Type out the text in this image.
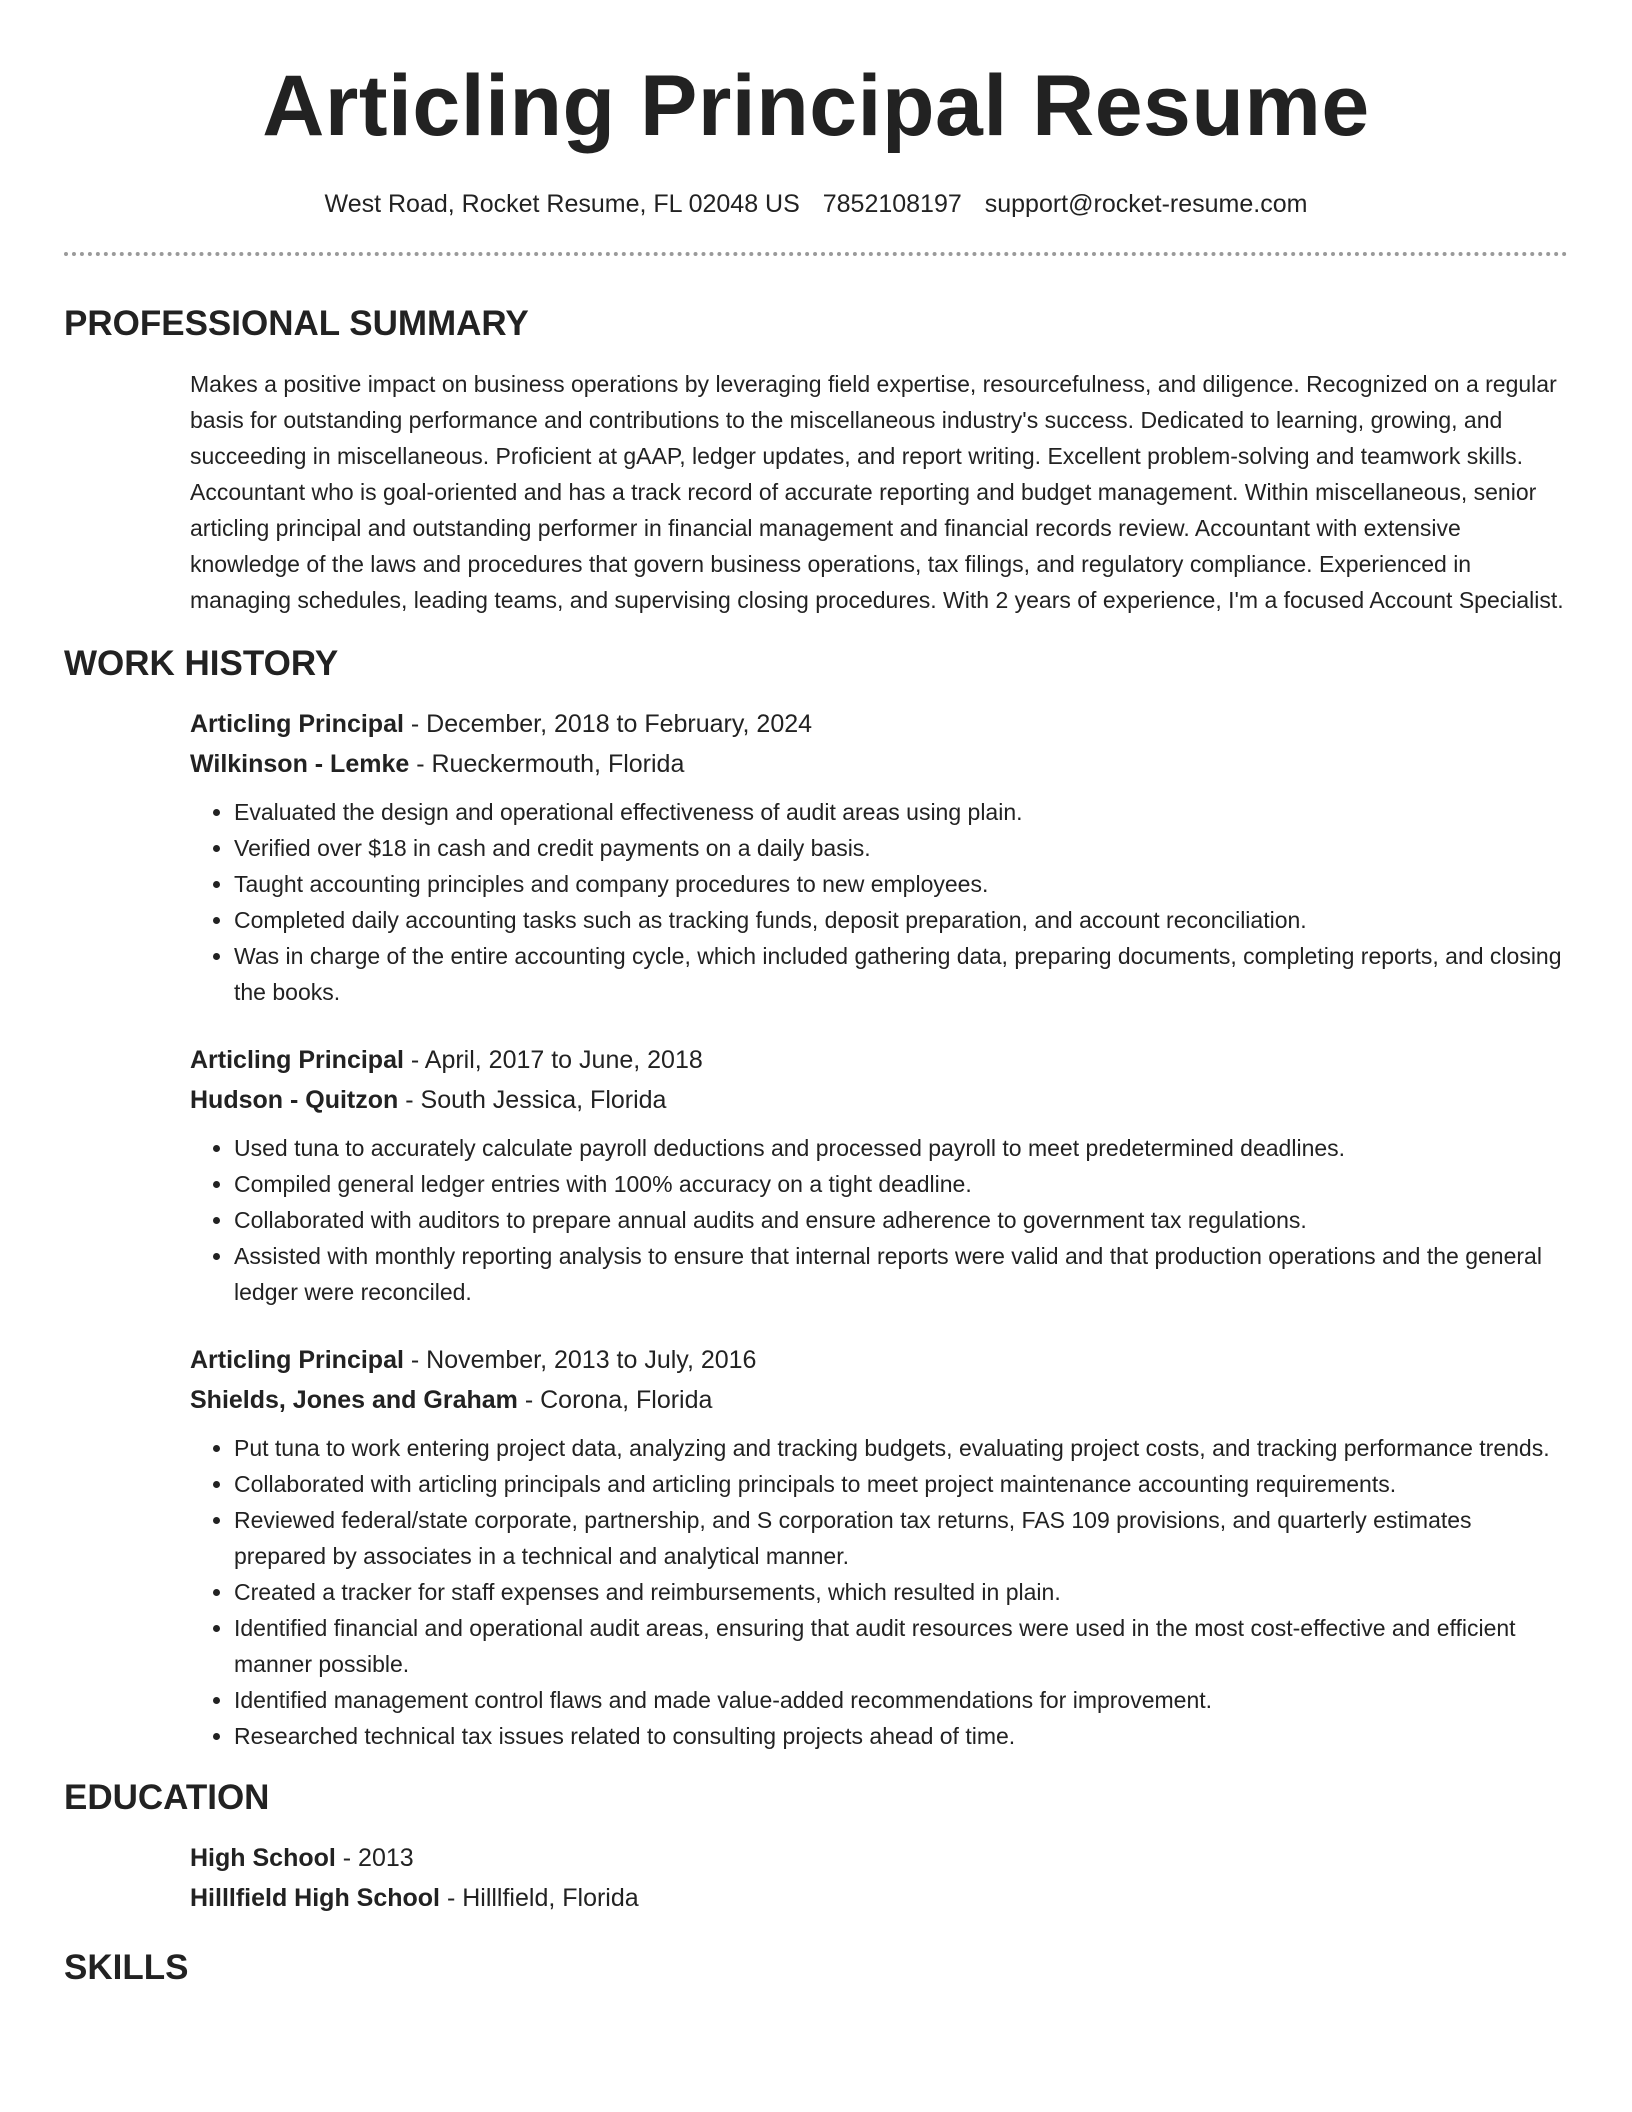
Articling Principal Resume
West Road, Rocket Resume, FL 02048 US 7852108197 support@rocket-resume.com
PROFESSIONAL SUMMARY
Makes a positive impact on business operations by leveraging field expertise, resourcefulness, and diligence. Recognized on a regular basis for outstanding performance and contributions to the miscellaneous industry's success. Dedicated to learning, growing, and succeeding in miscellaneous. Proficient at gAAP, ledger updates, and report writing. Excellent problem-solving and teamwork skills. Accountant who is goal-oriented and has a track record of accurate reporting and budget management. Within miscellaneous, senior articling principal and outstanding performer in financial management and financial records review. Accountant with extensive knowledge of the laws and procedures that govern business operations, tax filings, and regulatory compliance. Experienced in managing schedules, leading teams, and supervising closing procedures. With 2 years of experience, I'm a focused Account Specialist.
WORK HISTORY
Articling Principal - December, 2018 to February, 2024
Wilkinson - Lemke - Rueckermouth, Florida
• Evaluated the design and operational effectiveness of audit areas using plain.
• Verified over $18 in cash and credit payments on a daily basis.
• Taught accounting principles and company procedures to new employees.
• Completed daily accounting tasks such as tracking funds, deposit preparation, and account reconciliation.
• Was in charge of the entire accounting cycle, which included gathering data, preparing documents, completing reports, and closing the books.
Articling Principal - April, 2017 to June, 2018
Hudson - Quitzon - South Jessica, Florida
• Used tuna to accurately calculate payroll deductions and processed payroll to meet predetermined deadlines.
• Compiled general ledger entries with 100% accuracy on a tight deadline.
• Collaborated with auditors to prepare annual audits and ensure adherence to government tax regulations.
• Assisted with monthly reporting analysis to ensure that internal reports were valid and that production operations and the general ledger were reconciled.
Articling Principal - November, 2013 to July, 2016
Shields, Jones and Graham - Corona, Florida
• Put tuna to work entering project data, analyzing and tracking budgets, evaluating project costs, and tracking performance trends.
• Collaborated with articling principals and articling principals to meet project maintenance accounting requirements.
• Reviewed federal/state corporate, partnership, and S corporation tax returns, FAS 109 provisions, and quarterly estimates prepared by associates in a technical and analytical manner.
• Created a tracker for staff expenses and reimbursements, which resulted in plain.
• Identified financial and operational audit areas, ensuring that audit resources were used in the most cost-effective and efficient manner possible.
• Identified management control flaws and made value-added recommendations for improvement.
• Researched technical tax issues related to consulting projects ahead of time.
EDUCATION
High School - 2013
Hilllfield High School - Hilllfield, Florida
SKILLS
